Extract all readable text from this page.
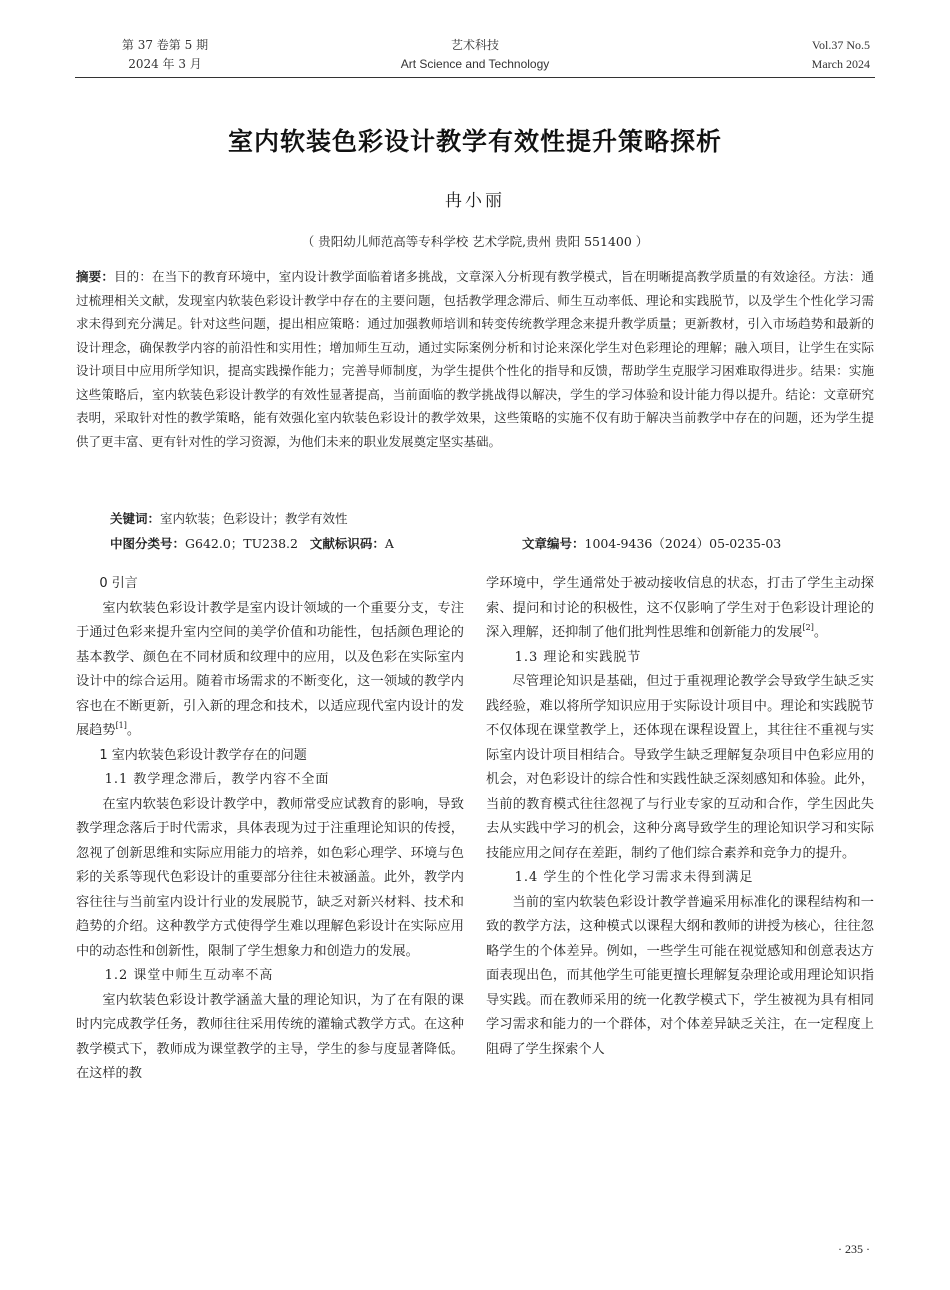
第 37 卷第 5 期
2024 年 3 月
艺术科技
Art Science and Technology
Vol.37 No.5
March 2024
室内软装色彩设计教学有效性提升策略探析
冉小丽
（ 贵阳幼儿师范高等专科学校 艺术学院,贵州 贵阳 551400 ）
摘要：目的：在当下的教育环境中，室内设计教学面临着诸多挑战，文章深入分析现有教学模式，旨在明晰提高教学质量的有效途径。方法：通过梳理相关文献，发现室内软装色彩设计教学中存在的主要问题，包括教学理念滞后、师生互动率低、理论和实践脱节，以及学生个性化学习需求未得到充分满足。针对这些问题，提出相应策略：通过加强教师培训和转变传统教学理念来提升教学质量；更新教材，引入市场趋势和最新的设计理念，确保教学内容的前沿性和实用性；增加师生互动，通过实际案例分析和讨论来深化学生对色彩理论的理解；融入项目，让学生在实际设计项目中应用所学知识，提高实践操作能力；完善导师制度，为学生提供个性化的指导和反馈，帮助学生克服学习困难取得进步。结果：实施这些策略后，室内软装色彩设计教学的有效性显著提高，当前面临的教学挑战得以解决，学生的学习体验和设计能力得以提升。结论：文章研究表明，采取针对性的教学策略，能有效强化室内软装色彩设计的教学效果，这些策略的实施不仅有助于解决当前教学中存在的问题，还为学生提供了更丰富、更有针对性的学习资源，为他们未来的职业发展奠定坚实基础。
关键词：室内软装；色彩设计；教学有效性
中图分类号：G642.0；TU238.2 文献标识码：A	文章编号：1004-9436（2024）05-0235-03

0 引言

室内软装色彩设计教学是室内设计领域的一个重要分支，专注于通过色彩来提升室内空间的美学价值和功能性，包括颜色理论的基本教学、颜色在不同材质和纹理中的应用，以及色彩在实际室内设计中的综合运用。随着市场需求的不断变化，这一领域的教学内容也在不断更新，引入新的理念和技术，以适应现代室内设计的发展趋势[1]。

1 室内软装色彩设计教学存在的问题

1.1 教学理念滞后，教学内容不全面

在室内软装色彩设计教学中，教师常受应试教育的影响，导致教学理念落后于时代需求，具体表现为过于注重理论知识的传授，忽视了创新思维和实际应用能力的培养，如色彩心理学、环境与色彩的关系等现代色彩设计的重要部分往往未被涵盖。此外，教学内容往往与当前室内设计行业的发展脱节，缺乏对新兴材料、技术和趋势的介绍。这种教学方式使得学生难以理解色彩设计在实际应用中的动态性和创新性，限制了学生想象力和创造力的发展。

1.2 课堂中师生互动率不高

室内软装色彩设计教学涵盖大量的理论知识，为了在有限的课时内完成教学任务，教师往往采用传统的灌输式教学方式。在这种教学模式下，教师成为课堂教学的主导，学生的参与度显著降低。在这样的教

学环境中，学生通常处于被动接收信息的状态，打击了学生主动探索、提问和讨论的积极性，这不仅影响了学生对于色彩设计理论的深入理解，还抑制了他们批判性思维和创新能力的发展[2]。

1.3 理论和实践脱节

尽管理论知识是基础，但过于重视理论教学会导致学生缺乏实践经验，难以将所学知识应用于实际设计项目中。理论和实践脱节不仅体现在课堂教学上，还体现在课程设置上，其往往不重视与实际室内设计项目相结合。导致学生缺乏理解复杂项目中色彩应用的机会，对色彩设计的综合性和实践性缺乏深刻感知和体验。此外，当前的教育模式往往忽视了与行业专家的互动和合作，学生因此失去从实践中学习的机会，这种分离导致学生的理论知识学习和实际技能应用之间存在差距，制约了他们综合素养和竞争力的提升。

1.4 学生的个性化学习需求未得到满足

当前的室内软装色彩设计教学普遍采用标准化的课程结构和一致的教学方法，这种模式以课程大纲和教师的讲授为核心，往往忽略学生的个体差异。例如，一些学生可能在视觉感知和创意表达方面表现出色，而其他学生可能更擅长理解复杂理论或用理论知识指导实践。而在教师采用的统一化教学模式下，学生被视为具有相同学习需求和能力的一个群体，对个体差异缺乏关注，在一定程度上阻碍了学生探索个人

· 235 ·
